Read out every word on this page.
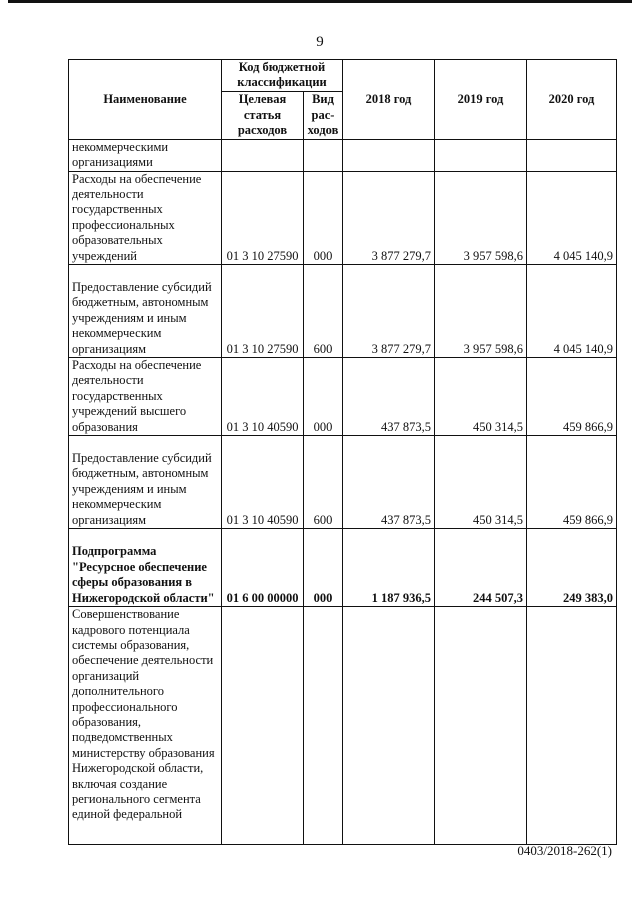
9
Наименование	Код бюджетной классификации		2018 год	2019 год	2020 год
	Целевая статья расходов	Вид рас-ходов			
некоммерческими организациями					
Расходы на обеспечение деятельности государственных профессиональных образовательных учреждений	01 3 10 27590	000	3 877 279,7	3 957 598,6	4 045 140,9
Предоставление субсидий бюджетным, автономным учреждениям и иным некоммерческим организациям	01 3 10 27590	600	3 877 279,7	3 957 598,6	4 045 140,9
Расходы на обеспечение деятельности государственных учреждений высшего образования	01 3 10 40590	000	437 873,5	450 314,5	459 866,9
Предоставление субсидий бюджетным, автономным учреждениям и иным некоммерческим организациям	01 3 10 40590	600	437 873,5	450 314,5	459 866,9
Подпрограмма "Ресурсное обеспечение сферы образования в Нижегородской области"	01 6 00 00000	000	1 187 936,5	244 507,3	249 383,0
Совершенствование кадрового потенциала системы образования, обеспечение деятельности организаций дополнительного профессионального образования, подведомственных министерству образования Нижегородской области, включая создание регионального сегмента единой федеральной					
0403/2018-262(1)
